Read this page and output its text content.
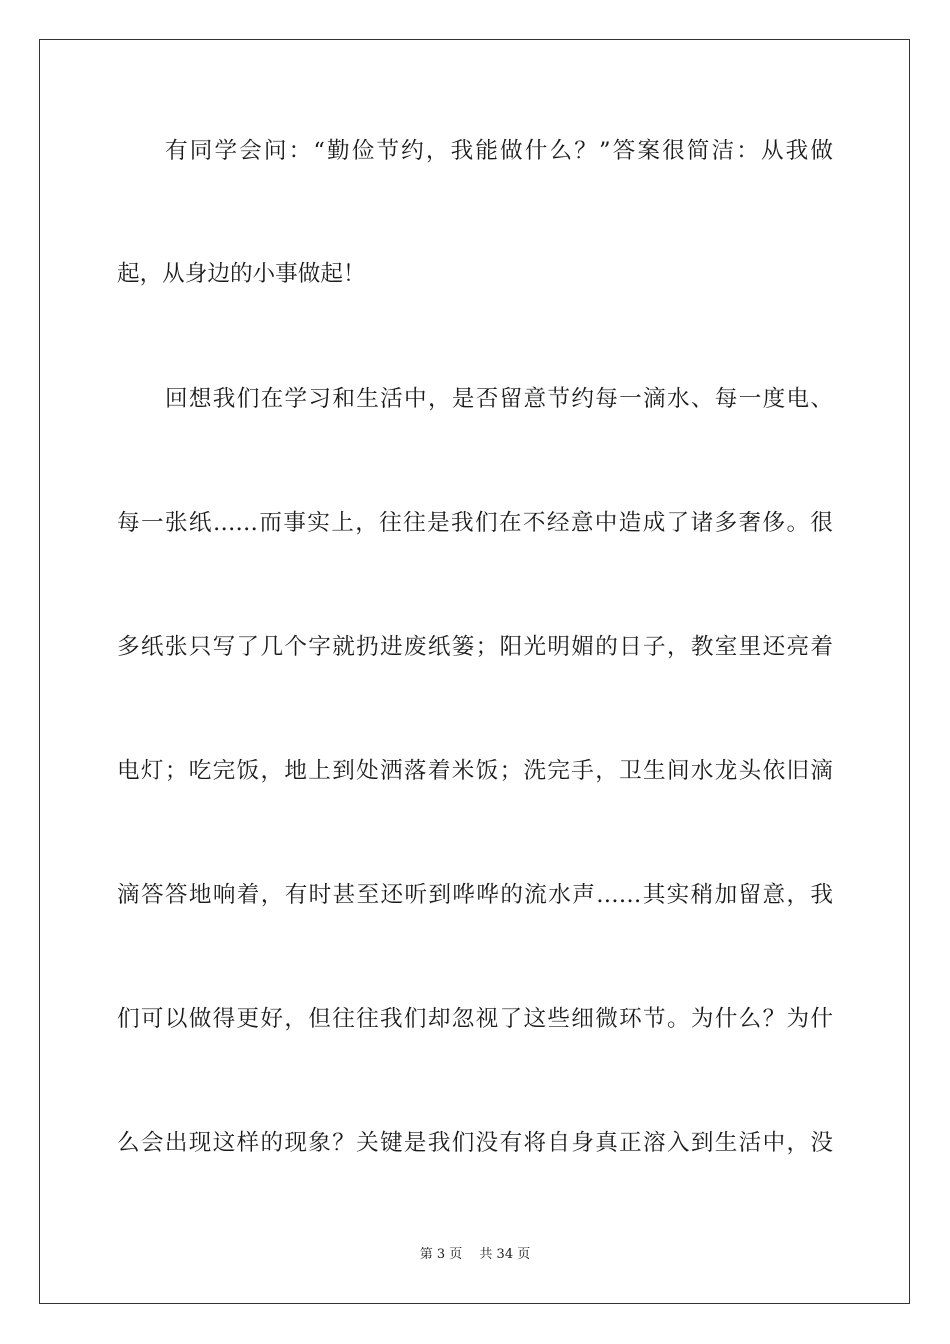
有同学会问：“勤俭节约，我能做什么？”答案很简洁：从我做
起，从身边的小事做起！
回想我们在学习和生活中，是否留意节约每一滴水、每一度电、
每一张纸……而事实上，往往是我们在不经意中造成了诸多奢侈。很
多纸张只写了几个字就扔进废纸篓；阳光明媚的日子，教室里还亮着
电灯；吃完饭，地上到处洒落着米饭；洗完手，卫生间水龙头依旧滴
滴答答地响着，有时甚至还听到哗哗的流水声……其实稍加留意，我
们可以做得更好，但往往我们却忽视了这些细微环节。为什么？为什
么会出现这样的现象？关键是我们没有将自身真正溶入到生活中，没
第 3 页　 共 34 页
